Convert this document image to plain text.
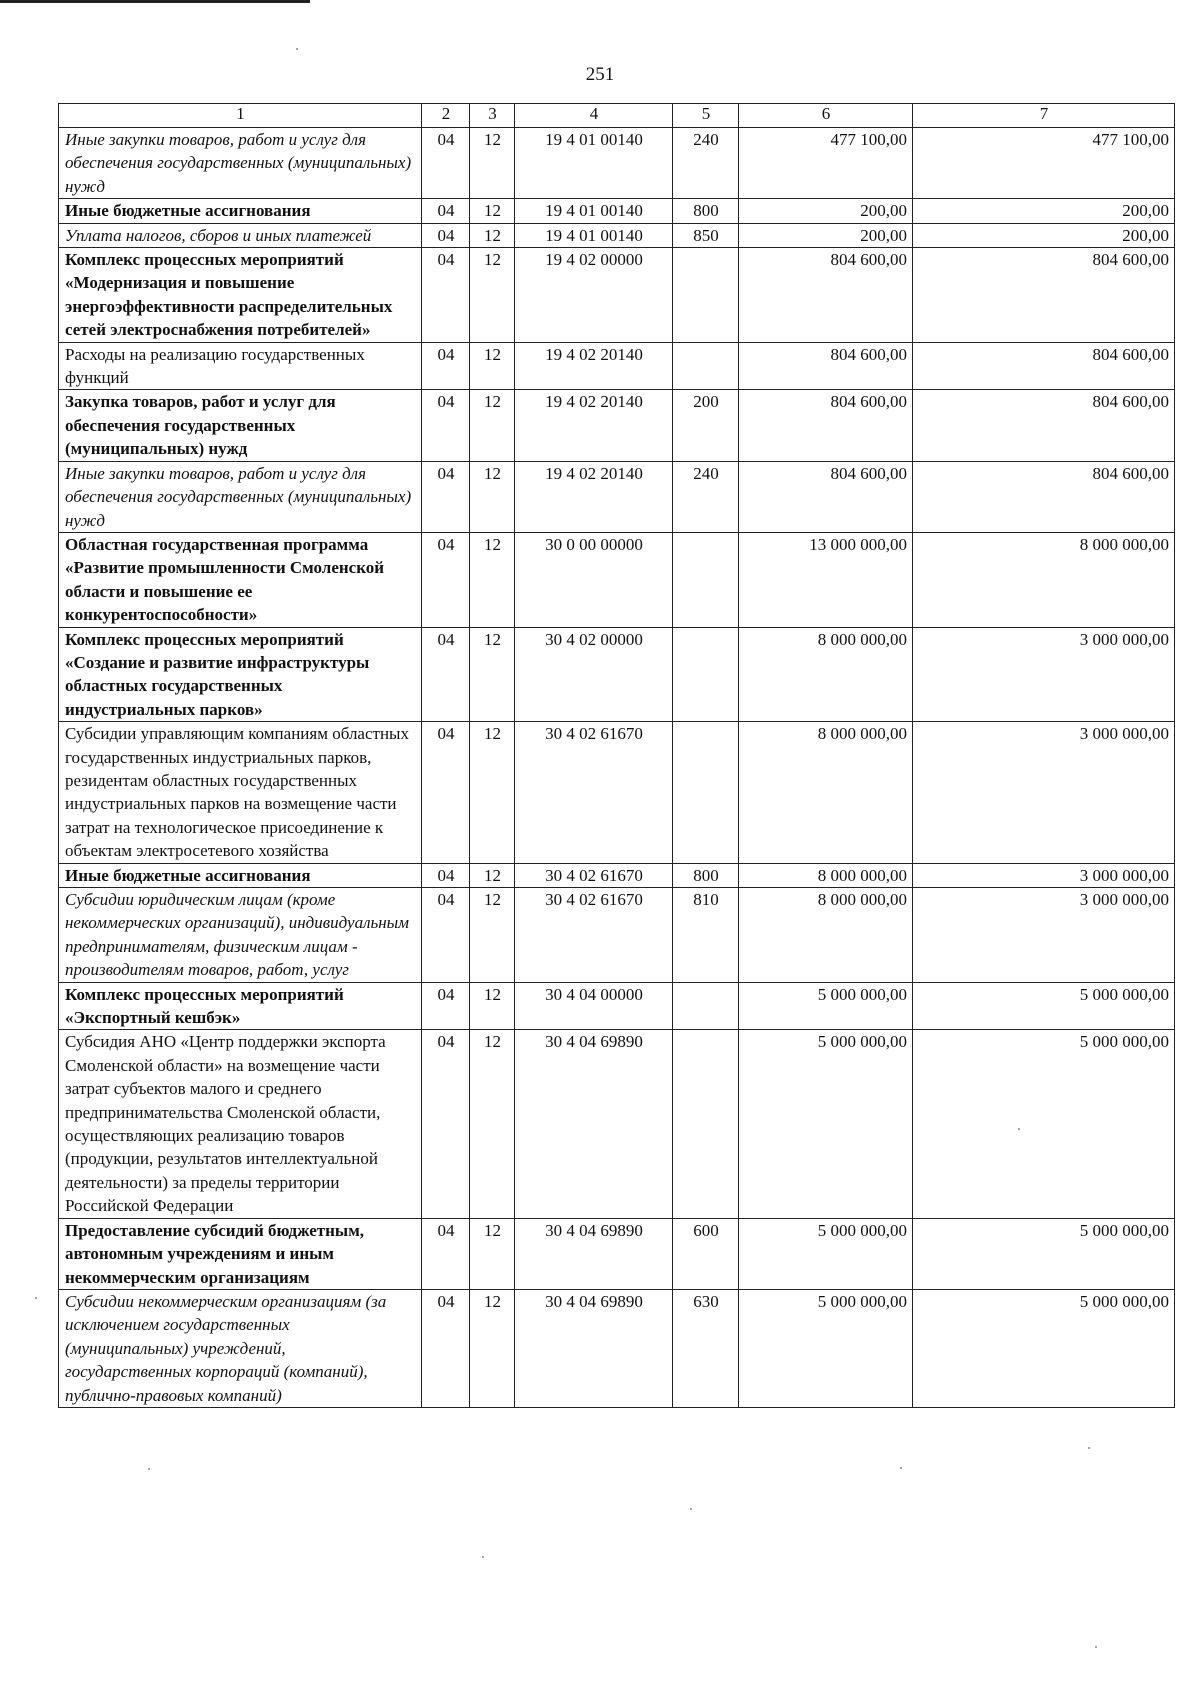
251
1	2	3	4	5	6	7
Иные закупки товаров, работ и услуг для обеспечения государственных (муниципальных) нужд	04	12	19 4 01 00140	240	477 100,00	477 100,00
Иные бюджетные ассигнования	04	12	19 4 01 00140	800	200,00	200,00
Уплата налогов, сборов и иных платежей	04	12	19 4 01 00140	850	200,00	200,00
Комплекс процессных мероприятий «Модернизация и повышение энергоэффективности распределительных сетей электроснабжения потребителей»	04	12	19 4 02 00000		804 600,00	804 600,00
Расходы на реализацию государственных функций	04	12	19 4 02 20140		804 600,00	804 600,00
Закупка товаров, работ и услуг для обеспечения государственных (муниципальных) нужд	04	12	19 4 02 20140	200	804 600,00	804 600,00
Иные закупки товаров, работ и услуг для обеспечения государственных (муниципальных) нужд	04	12	19 4 02 20140	240	804 600,00	804 600,00
Областная государственная программа «Развитие промышленности Смоленской области и повышение ее конкурентоспособности»	04	12	30 0 00 00000		13 000 000,00	8 000 000,00
Комплекс процессных мероприятий «Создание и развитие инфраструктуры областных государственных индустриальных парков»	04	12	30 4 02 00000		8 000 000,00	3 000 000,00
Субсидии управляющим компаниям областных государственных индустриальных парков, резидентам областных государственных индустриальных парков на возмещение части затрат на технологическое присоединение к объектам электросетевого хозяйства	04	12	30 4 02 61670		8 000 000,00	3 000 000,00
Иные бюджетные ассигнования	04	12	30 4 02 61670	800	8 000 000,00	3 000 000,00
Субсидии юридическим лицам (кроме некоммерческих организаций), индивидуальным предпринимателям, физическим лицам - производителям товаров, работ, услуг	04	12	30 4 02 61670	810	8 000 000,00	3 000 000,00
Комплекс процессных мероприятий «Экспортный кешбэк»	04	12	30 4 04 00000		5 000 000,00	5 000 000,00
Субсидия АНО «Центр поддержки экспорта Смоленской области» на возмещение части затрат субъектов малого и среднего предпринимательства Смоленской области, осуществляющих реализацию товаров (продукции, результатов интеллектуальной деятельности) за пределы территории Российской Федерации	04	12	30 4 04 69890		5 000 000,00	5 000 000,00
Предоставление субсидий бюджетным, автономным учреждениям и иным некоммерческим организациям	04	12	30 4 04 69890	600	5 000 000,00	5 000 000,00
Субсидии некоммерческим организациям (за исключением государственных (муниципальных) учреждений, государственных корпораций (компаний), публично-правовых компаний)	04	12	30 4 04 69890	630	5 000 000,00	5 000 000,00
